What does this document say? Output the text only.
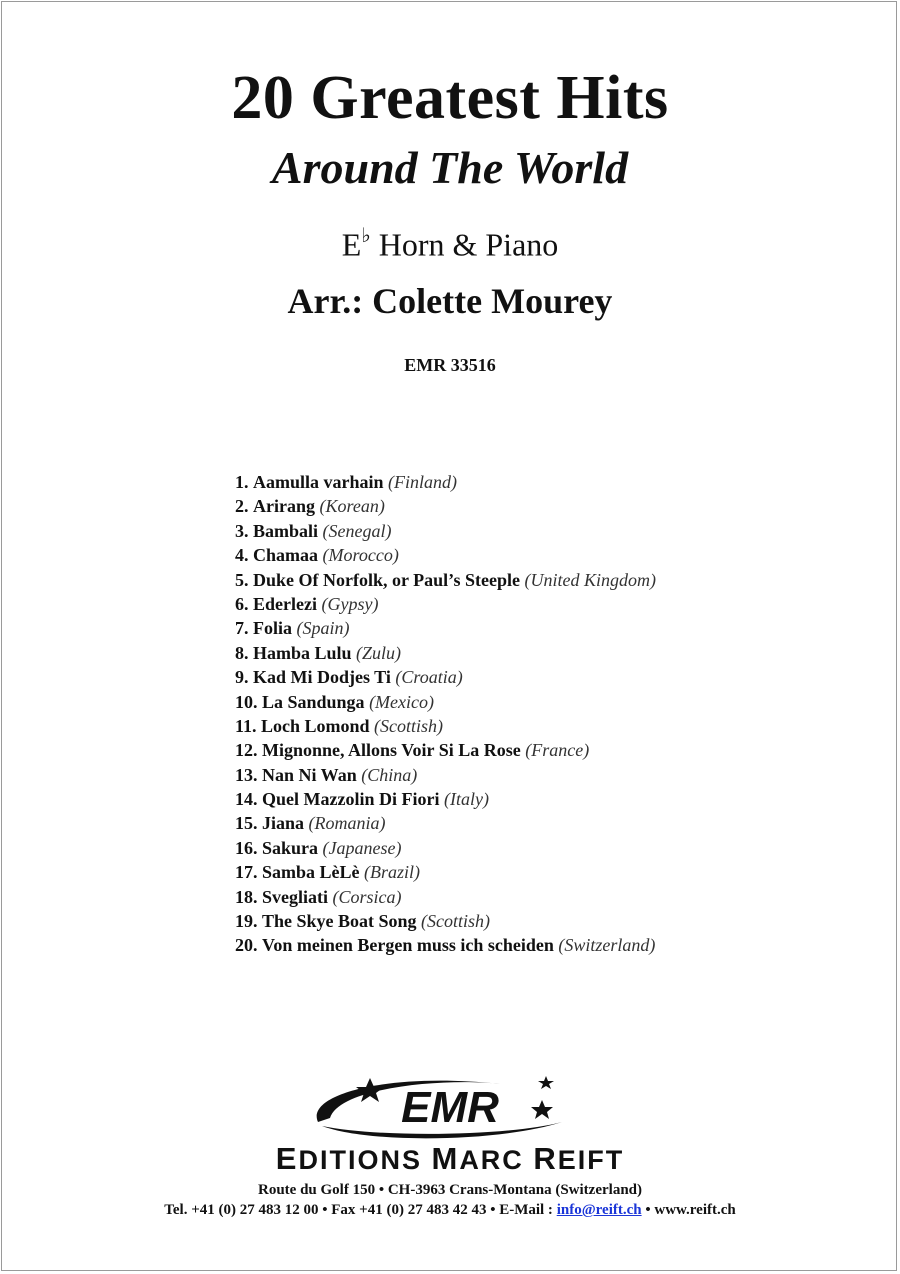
20 Greatest Hits
Around The World
E♭ Horn & Piano
Arr.: Colette Mourey
EMR 33516
1. Aamulla varhain (Finland)
2. Arirang (Korean)
3. Bambali (Senegal)
4. Chamaa (Morocco)
5. Duke Of Norfolk, or Paul’s Steeple (United Kingdom)
6. Ederlezi (Gypsy)
7. Folia (Spain)
8. Hamba Lulu (Zulu)
9. Kad Mi Dodjes Ti (Croatia)
10. La Sandunga (Mexico)
11. Loch Lomond (Scottish)
12. Mignonne, Allons Voir Si La Rose (France)
13. Nan Ni Wan (China)
14. Quel Mazzolin Di Fiori (Italy)
15. Jiana (Romania)
16. Sakura (Japanese)
17. Samba LèLè (Brazil)
18. Svegliati (Corsica)
19. The Skye Boat Song (Scottish)
20. Von meinen Bergen muss ich scheiden (Switzerland)
EMR
EDITIONS MARC REIFT
Route du Golf 150 • CH-3963 Crans-Montana (Switzerland)
Tel. +41 (0) 27 483 12 00 • Fax +41 (0) 27 483 42 43 • E-Mail : info@reift.ch • www.reift.ch
